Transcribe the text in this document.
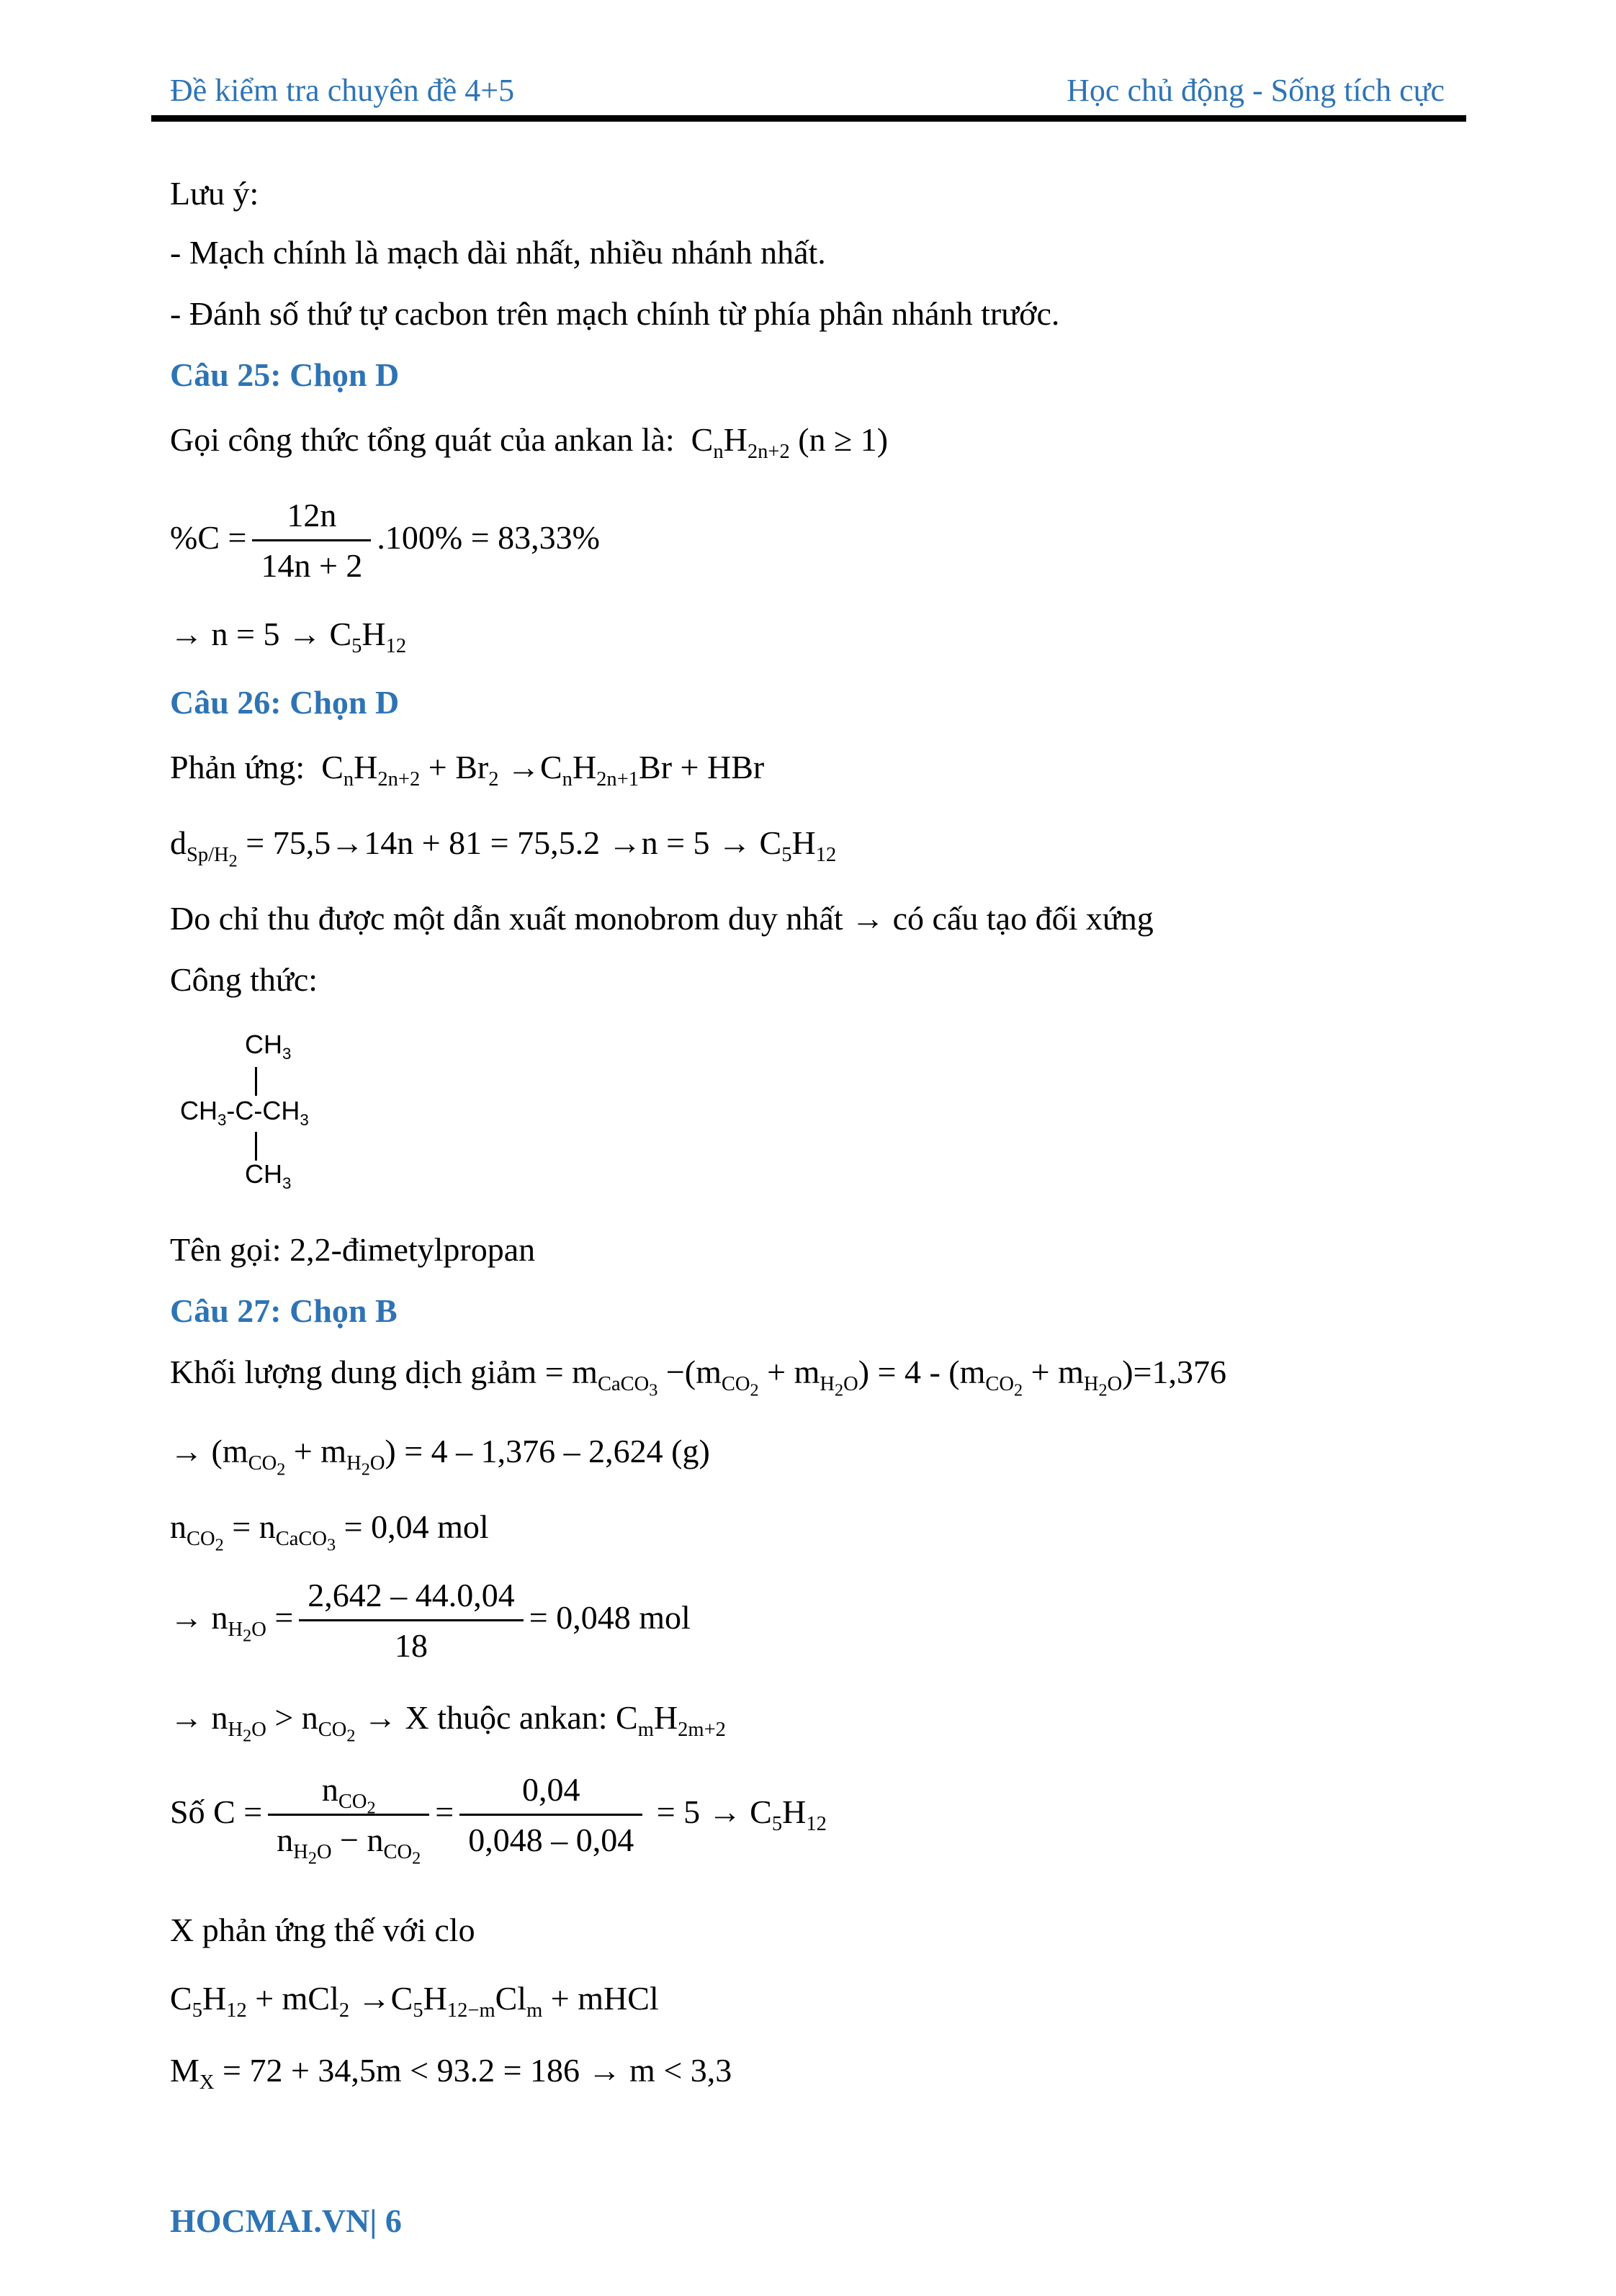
Đề kiểm tra chuyên đề 4+5	Học chủ động - Sống tích cực
Lưu ý:
- Mạch chính là mạch dài nhất, nhiều nhánh nhất.
- Đánh số thứ tự cacbon trên mạch chính từ phía phân nhánh trước.
Câu 25: Chọn D
Gọi công thức tổng quát của ankan là:  $C_nH_{2n+2}$ (n ≥ 1)
$\%C = \frac{12n}{14n + 2} .100\% = 83,33\%$
→ $n = 5 \to C_5H_{12}$
Câu 26: Chọn D
Phản ứng:  $C_nH_{2n+2} + Br_2 \to C_nH_{2n+1}Br$ + HBr
$d_{Sp/H_2} = 75,5\to 14n + 81 = 75,5.2 \to n = 5 \to C_5H_{12}$
Do chỉ thu được một dẫn xuất monobrom duy nhất → có cấu tạo đối xứng
Công thức:
$CH_3$
$CH_3-C-CH_3$
$CH_3$
Tên gọi: 2,2-đimetylpropan
Câu 27: Chọn B
Khối lượng dung dịch giảm = $m_{CaCO_3} -(m_{CO_2} + m_{H_2O}) = 4 - (m_{CO_2} + m_{H_2O})=1,376$
→ $(m_{CO_2} + m_{H_2O}) = 4 - 1,376 - 2,624$ (g)
$n_{CO_2} = n_{CaCO_3} = 0,04$ mol
→ $n_{H_2O} = \frac{2,642 - 44.0,04}{18} = 0,048$ mol
→ $n_{H_2O} > n_{CO_2} \to X$ thuộc ankan: $C_mH_{2m+2}$
Số $C = \frac{n_{CO_2}}{n_{H_2O} - n_{CO_2}} = \frac{0,04}{0,048 - 0,04} = 5 \to C_5H_{12}$
X phản ứng thế với clo
$C_5H_{12} + mCl_2 \to C_5H_{12-m}Cl_m$ + mHCl
$M_X = 72 + 34,5m < 93.2 = 186 \to m < 3,3$
HOCMAI.VN| 6
